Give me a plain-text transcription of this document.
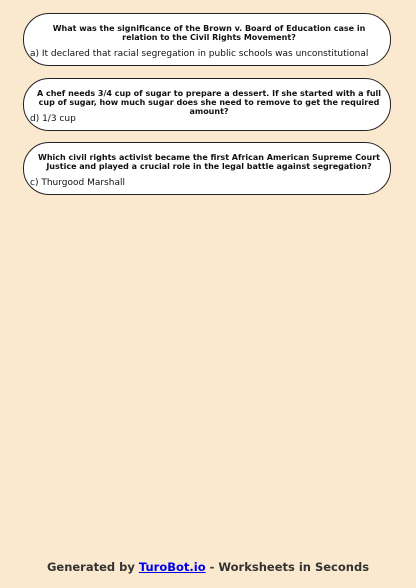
What was the significance of the Brown v. Board of Education case in relation to the Civil Rights Movement?
a) It declared that racial segregation in public schools was unconstitutional
A chef needs 3/4 cup of sugar to prepare a dessert. If she started with a full cup of sugar, how much sugar does she need to remove to get the required amount?
d) 1/3 cup
Which civil rights activist became the first African American Supreme Court Justice and played a crucial role in the legal battle against segregation?
c) Thurgood Marshall
Generated by TuroBot.io - Worksheets in Seconds
